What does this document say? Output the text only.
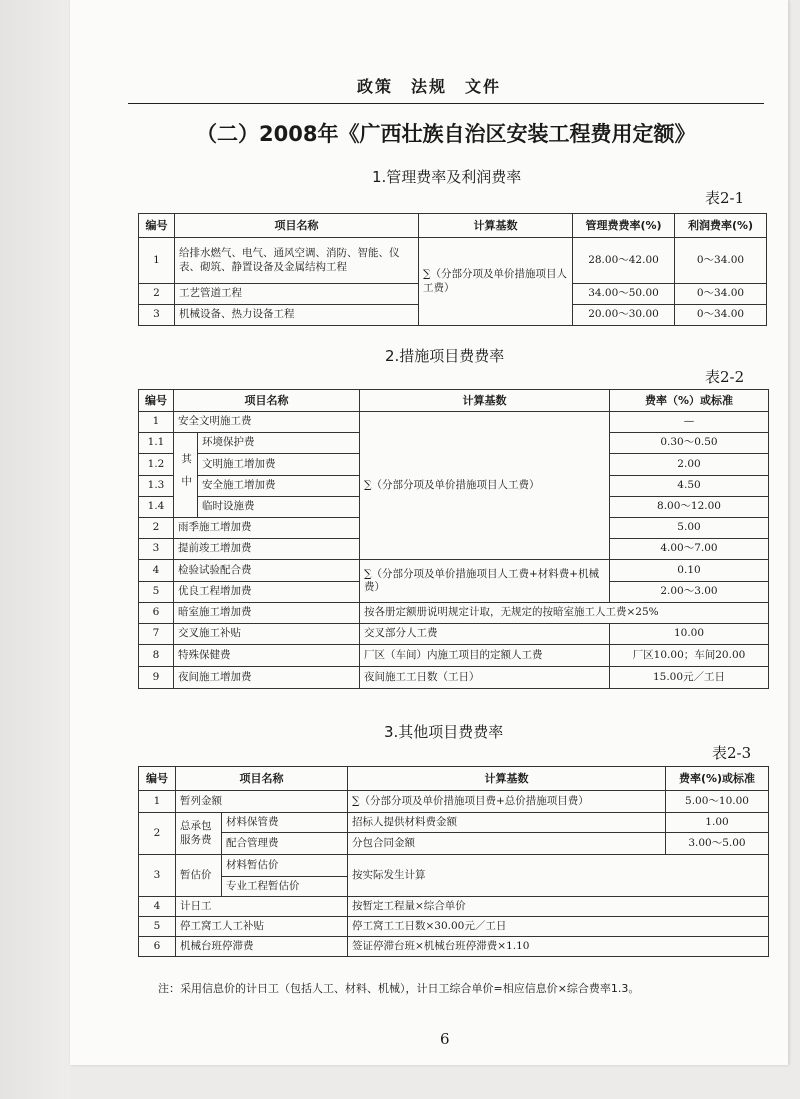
政策　法规　文件
（二）2008年《广西壮族自治区安装工程费用定额》
1.管理费率及利润费率
表2-1
编号	项目名称	计算基数	管理费费率(%)	利润费率(%)
1	给排水燃气、电气、通风空调、消防、智能、仪表、砌筑、静置设备及金属结构工程	∑（分部分项及单价措施项目人工费）	28.00～42.00	0～34.00
2	工艺管道工程		34.00～50.00	0～34.00
3	机械设备、热力设备工程		20.00～30.00	0～34.00
2.措施项目费费率
表2-2
编号	项目名称		计算基数	费率（%）或标准
1	安全文明施工费		∑（分部分项及单价措施项目人工费）	—
1.1	其中	环境保护费		0.30～0.50
1.2		文明施工增加费		2.00
1.3		安全施工增加费		4.50
1.4		临时设施费		8.00～12.00
2	雨季施工增加费			5.00
3	提前竣工增加费			4.00～7.00
4	检验试验配合费		∑（分部分项及单价措施项目人工费+材料费+机械费）	0.10
5	优良工程增加费			2.00～3.00
6	暗室施工增加费		按各册定额册说明规定计取，无规定的按暗室施工人工费×25%	
7	交叉施工补贴		交叉部分人工费	10.00
8	特殊保健费		厂区（车间）内施工项目的定额人工费	厂区10.00；车间20.00
9	夜间施工增加费		夜间施工工日数（工日）	15.00元／工日
3.其他项目费费率
表2-3
编号	项目名称		计算基数	费率(%)或标准
1	暂列金额		∑（分部分项及单价措施项目费+总价措施项目费）	5.00～10.00
2	总承包服务费	材料保管费	招标人提供材料费金额	1.00
		配合管理费	分包合同金额	3.00～5.00
3	暂估价	材料暂估价	按实际发生计算	
		专业工程暂估价		
4	计日工		按暂定工程量×综合单价	
5	停工窝工人工补贴		停工窝工工日数×30.00元／工日	
6	机械台班停滞费		签证停滞台班×机械台班停滞费×1.10	
注：采用信息价的计日工（包括人工、材料、机械），计日工综合单价=相应信息价×综合费率1.3。
6
